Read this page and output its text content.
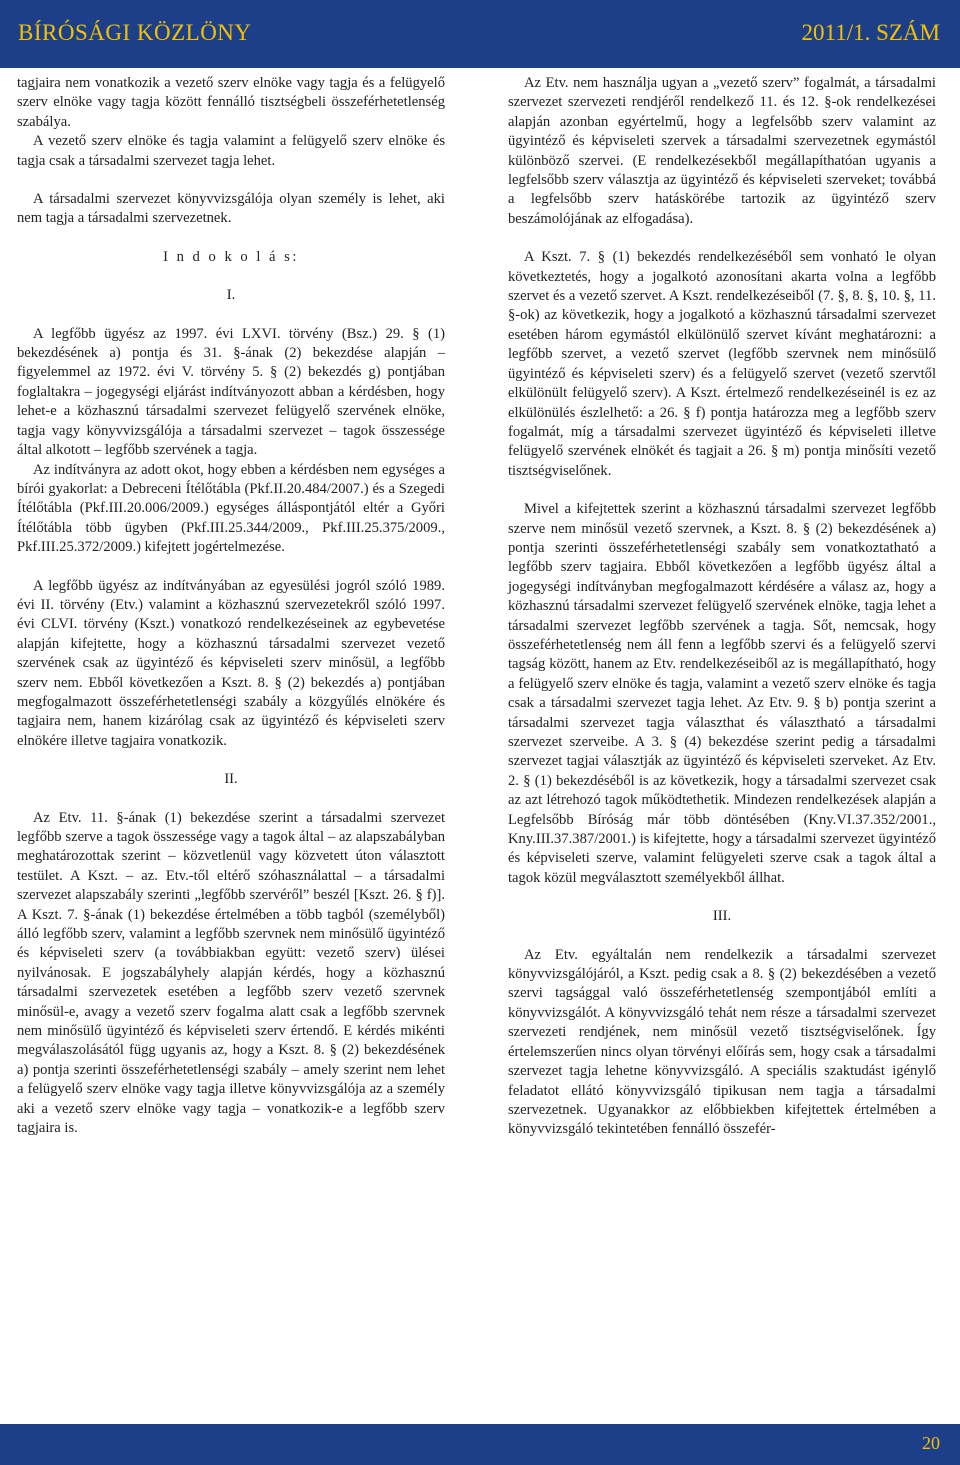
BÍRÓSÁGI KÖZLÖNY	2011/1. SZÁM

tagjaira nem vonatkozik a vezető szerv elnöke vagy tagja és a felügyelő szerv elnöke vagy tagja között fennálló tisztségbeli összeférhetetlenség szabálya.

A vezető szerv elnöke és tagja valamint a felügyelő szerv elnöke és tagja csak a társadalmi szervezet tagja lehet.

A társadalmi szervezet könyvvizsgálója olyan személy is lehet, aki nem tagja a társadalmi szervezetnek.

I n d o k o l á s:

I.

A legfőbb ügyész az 1997. évi LXVI. törvény (Bsz.) 29. § (1) bekezdésének a) pontja és 31. §-ának (2) bekezdése alapján – figyelemmel az 1972. évi V. törvény 5. § (2) bekezdés g) pontjában foglaltakra – jogegységi eljárást indítványozott abban a kérdésben, hogy lehet-e a közhasznú társadalmi szervezet felügyelő szervének elnöke, tagja vagy könyvvizsgálója a társadalmi szervezet – tagok összessége által alkotott – legfőbb szervének a tagja.

Az indítványra az adott okot, hogy ebben a kérdésben nem egységes a bírói gyakorlat: a Debreceni Ítélőtábla (Pkf.II.20.484/2007.) és a Szegedi Ítélőtábla (Pkf.III.20.006/2009.) egységes álláspontjától eltér a Győri Ítélőtábla több ügyben (Pkf.III.25.344/2009., Pkf.III.25.375/2009., Pkf.III.25.372/2009.) kifejtett jogértelmezése.

A legfőbb ügyész az indítványában az egyesülési jogról szóló 1989. évi II. törvény (Etv.) valamint a közhasznú szervezetekről szóló 1997. évi CLVI. törvény (Kszt.) vonatkozó rendelkezéseinek az egybevetése alapján kifejtette, hogy a közhasznú társadalmi szervezet vezető szervének csak az ügyintéző és képviseleti szerv minősül, a legfőbb szerv nem. Ebből következően a Kszt. 8. § (2) bekezdés a) pontjában megfogalmazott összeférhetetlenségi szabály a közgyűlés elnökére és tagjaira nem, hanem kizárólag csak az ügyintéző és képviseleti szerv elnökére illetve tagjaira vonatkozik.

II.

Az Etv. 11. §-ának (1) bekezdése szerint a társadalmi szervezet legfőbb szerve a tagok összessége vagy a tagok által – az alapszabályban meghatározottak szerint – közvetlenül vagy közvetett úton választott testület. A Kszt. – az. Etv.-től eltérő szóhasználattal – a társadalmi szervezet alapszabály szerinti „legfőbb szervéről” beszél [Kszt. 26. § f)]. A Kszt. 7. §-ának (1) bekezdése értelmében a több tagból (személyből) álló legfőbb szerv, valamint a legfőbb szervnek nem minősülő ügyintéző és képviseleti szerv (a továbbiakban együtt: vezető szerv) ülései nyilvánosak. E jogszabályhely alapján kérdés, hogy a közhasznú társadalmi szervezetek esetében a legfőbb szerv vezető szervnek minősül-e, avagy a vezető szerv fogalma alatt csak a legfőbb szervnek nem minősülő ügyintéző és képviseleti szerv értendő. E kérdés mikénti megválaszolásától függ ugyanis az, hogy a Kszt. 8. § (2) bekezdésének a) pontja szerinti összeférhetetlenségi szabály – amely szerint nem lehet a felügyelő szerv elnöke vagy tagja illetve könyvvizsgálója az a személy aki a vezető szerv elnöke vagy tagja – vonatkozik-e a legfőbb szerv tagjaira is.

Az Etv. nem használja ugyan a „vezető szerv” fogalmát, a társadalmi szervezet szervezeti rendjéről rendelkező 11. és 12. §-ok rendelkezései alapján azonban egyértelmű, hogy a legfelsőbb szerv valamint az ügyintéző és képviseleti szervek a társadalmi szervezetnek egymástól különböző szervei. (E rendelkezésekből megállapíthatóan ugyanis a legfelsőbb szerv választja az ügyintéző és képviseleti szerveket; továbbá a legfelsőbb szerv hatáskörébe tartozik az ügyintéző szerv beszámolójának az elfogadása).

A Kszt. 7. § (1) bekezdés rendelkezéséből sem vonható le olyan következtetés, hogy a jogalkotó azonosítani akarta volna a legfőbb szervet és a vezető szervet. A Kszt. rendelkezéseiből (7. §, 8. §, 10. §, 11. §-ok) az következik, hogy a jogalkotó a közhasznú társadalmi szervezet esetében három egymástól elkülönülő szervet kívánt meghatározni: a legfőbb szervet, a vezető szervet (legfőbb szervnek nem minősülő ügyintéző és képviseleti szerv) és a felügyelő szervet (vezető szervtől elkülönült felügyelő szerv). A Kszt. értelmező rendelkezéseinél is ez az elkülönülés észlelhető: a 26. § f) pontja határozza meg a legfőbb szerv fogalmát, míg a társadalmi szervezet ügyintéző és képviseleti illetve felügyelő szervének elnökét és tagjait a 26. § m) pontja minősíti vezető tisztségviselőnek.

Mivel a kifejtettek szerint a közhasznú társadalmi szervezet legfőbb szerve nem minősül vezető szervnek, a Kszt. 8. § (2) bekezdésének a) pontja szerinti összeférhetetlenségi szabály sem vonatkoztatható a legfőbb szerv tagjaira. Ebből következően a legfőbb ügyész által a jogegységi indítványban megfogalmazott kérdésére a válasz az, hogy a közhasznú társadalmi szervezet felügyelő szervének elnöke, tagja lehet a társadalmi szervezet legfőbb szervének a tagja. Sőt, nemcsak, hogy összeférhetetlenség nem áll fenn a legfőbb szervi és a felügyelő szervi tagság között, hanem az Etv. rendelkezéseiből az is megállapítható, hogy a felügyelő szerv elnöke és tagja, valamint a vezető szerv elnöke és tagja csak a társadalmi szervezet tagja lehet. Az Etv. 9. § b) pontja szerint a társadalmi szervezet tagja választhat és választható a társadalmi szervezet szerveibe. A 3. § (4) bekezdése szerint pedig a társadalmi szervezet tagjai választják az ügyintéző és képviseleti szerveket. Az Etv. 2. § (1) bekezdéséből is az következik, hogy a társadalmi szervezet csak az azt létrehozó tagok működtethetik. Mindezen rendelkezések alapján a Legfelsőbb Bíróság már több döntésében (Kny.VI.37.352/2001., Kny.III.37.387/2001.) is kifejtette, hogy a társadalmi szervezet ügyintéző és képviseleti szerve, valamint felügyeleti szerve csak a tagok által a tagok közül megválasztott személyekből állhat.

III.

Az Etv. egyáltalán nem rendelkezik a társadalmi szervezet könyvvizsgálójáról, a Kszt. pedig csak a 8. § (2) bekezdésében a vezető szervi tagsággal való összeférhetetlenség szempontjából említi a könyvvizsgálót. A könyvvizsgáló tehát nem része a társadalmi szervezet szervezeti rendjének, nem minősül vezető tisztségviselőnek. Így értelemszerűen nincs olyan törvényi előírás sem, hogy csak a társadalmi szervezet tagja lehetne könyvvizsgáló. A speciális szaktudást igénylő feladatot ellátó könyvvizsgáló tipikusan nem tagja a társadalmi szervezetnek. Ugyanakkor az előbbiekben kifejtettek értelmében a könyvvizsgáló tekintetében fennálló összefér-

20
